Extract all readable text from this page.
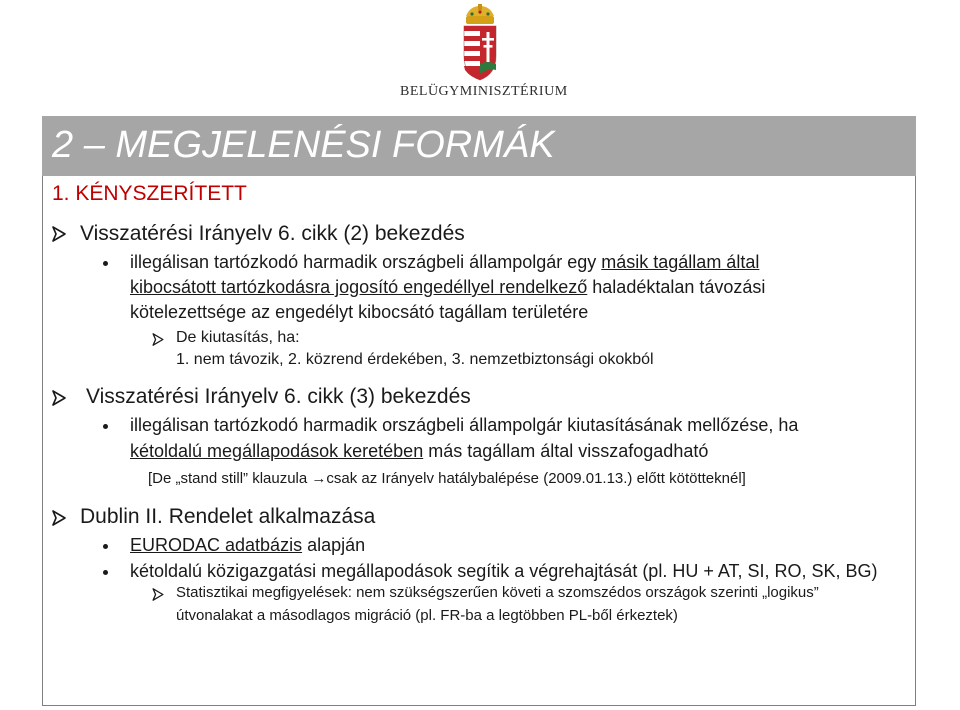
BELÜGYMINISZTÉRIUM
2 – MEGJELENÉSI FORMÁK
1. KÉNYSZERÍTETT
Visszatérési Irányelv 6. cikk (2) bekezdés
illegálisan tartózkodó harmadik országbeli állampolgár egy másik tagállam által
kibocsátott tartózkodásra jogosító engedéllyel rendelkező haladéktalan távozási
kötelezettsége az engedélyt kibocsátó tagállam területére
De kiutasítás, ha:
1. nem távozik, 2. közrend érdekében, 3. nemzetbiztonsági okokból
Visszatérési Irányelv 6. cikk (3) bekezdés
illegálisan tartózkodó harmadik országbeli állampolgár kiutasításának mellőzése, ha
kétoldalú megállapodások keretében más tagállam által visszafogadható
[De „stand still” klauzula →csak az Irányelv hatálybalépése (2009.01.13.) előtt kötötteknél]
Dublin II. Rendelet alkalmazása
EURODAC adatbázis alapján
kétoldalú közigazgatási megállapodások segítik a végrehajtását (pl. HU + AT, SI, RO, SK, BG)
Statisztikai megfigyelések: nem szükségszerűen követi a szomszédos országok szerinti „logikus”
útvonalakat a másodlagos migráció (pl. FR-ba a legtöbben PL-ből érkeztek)
